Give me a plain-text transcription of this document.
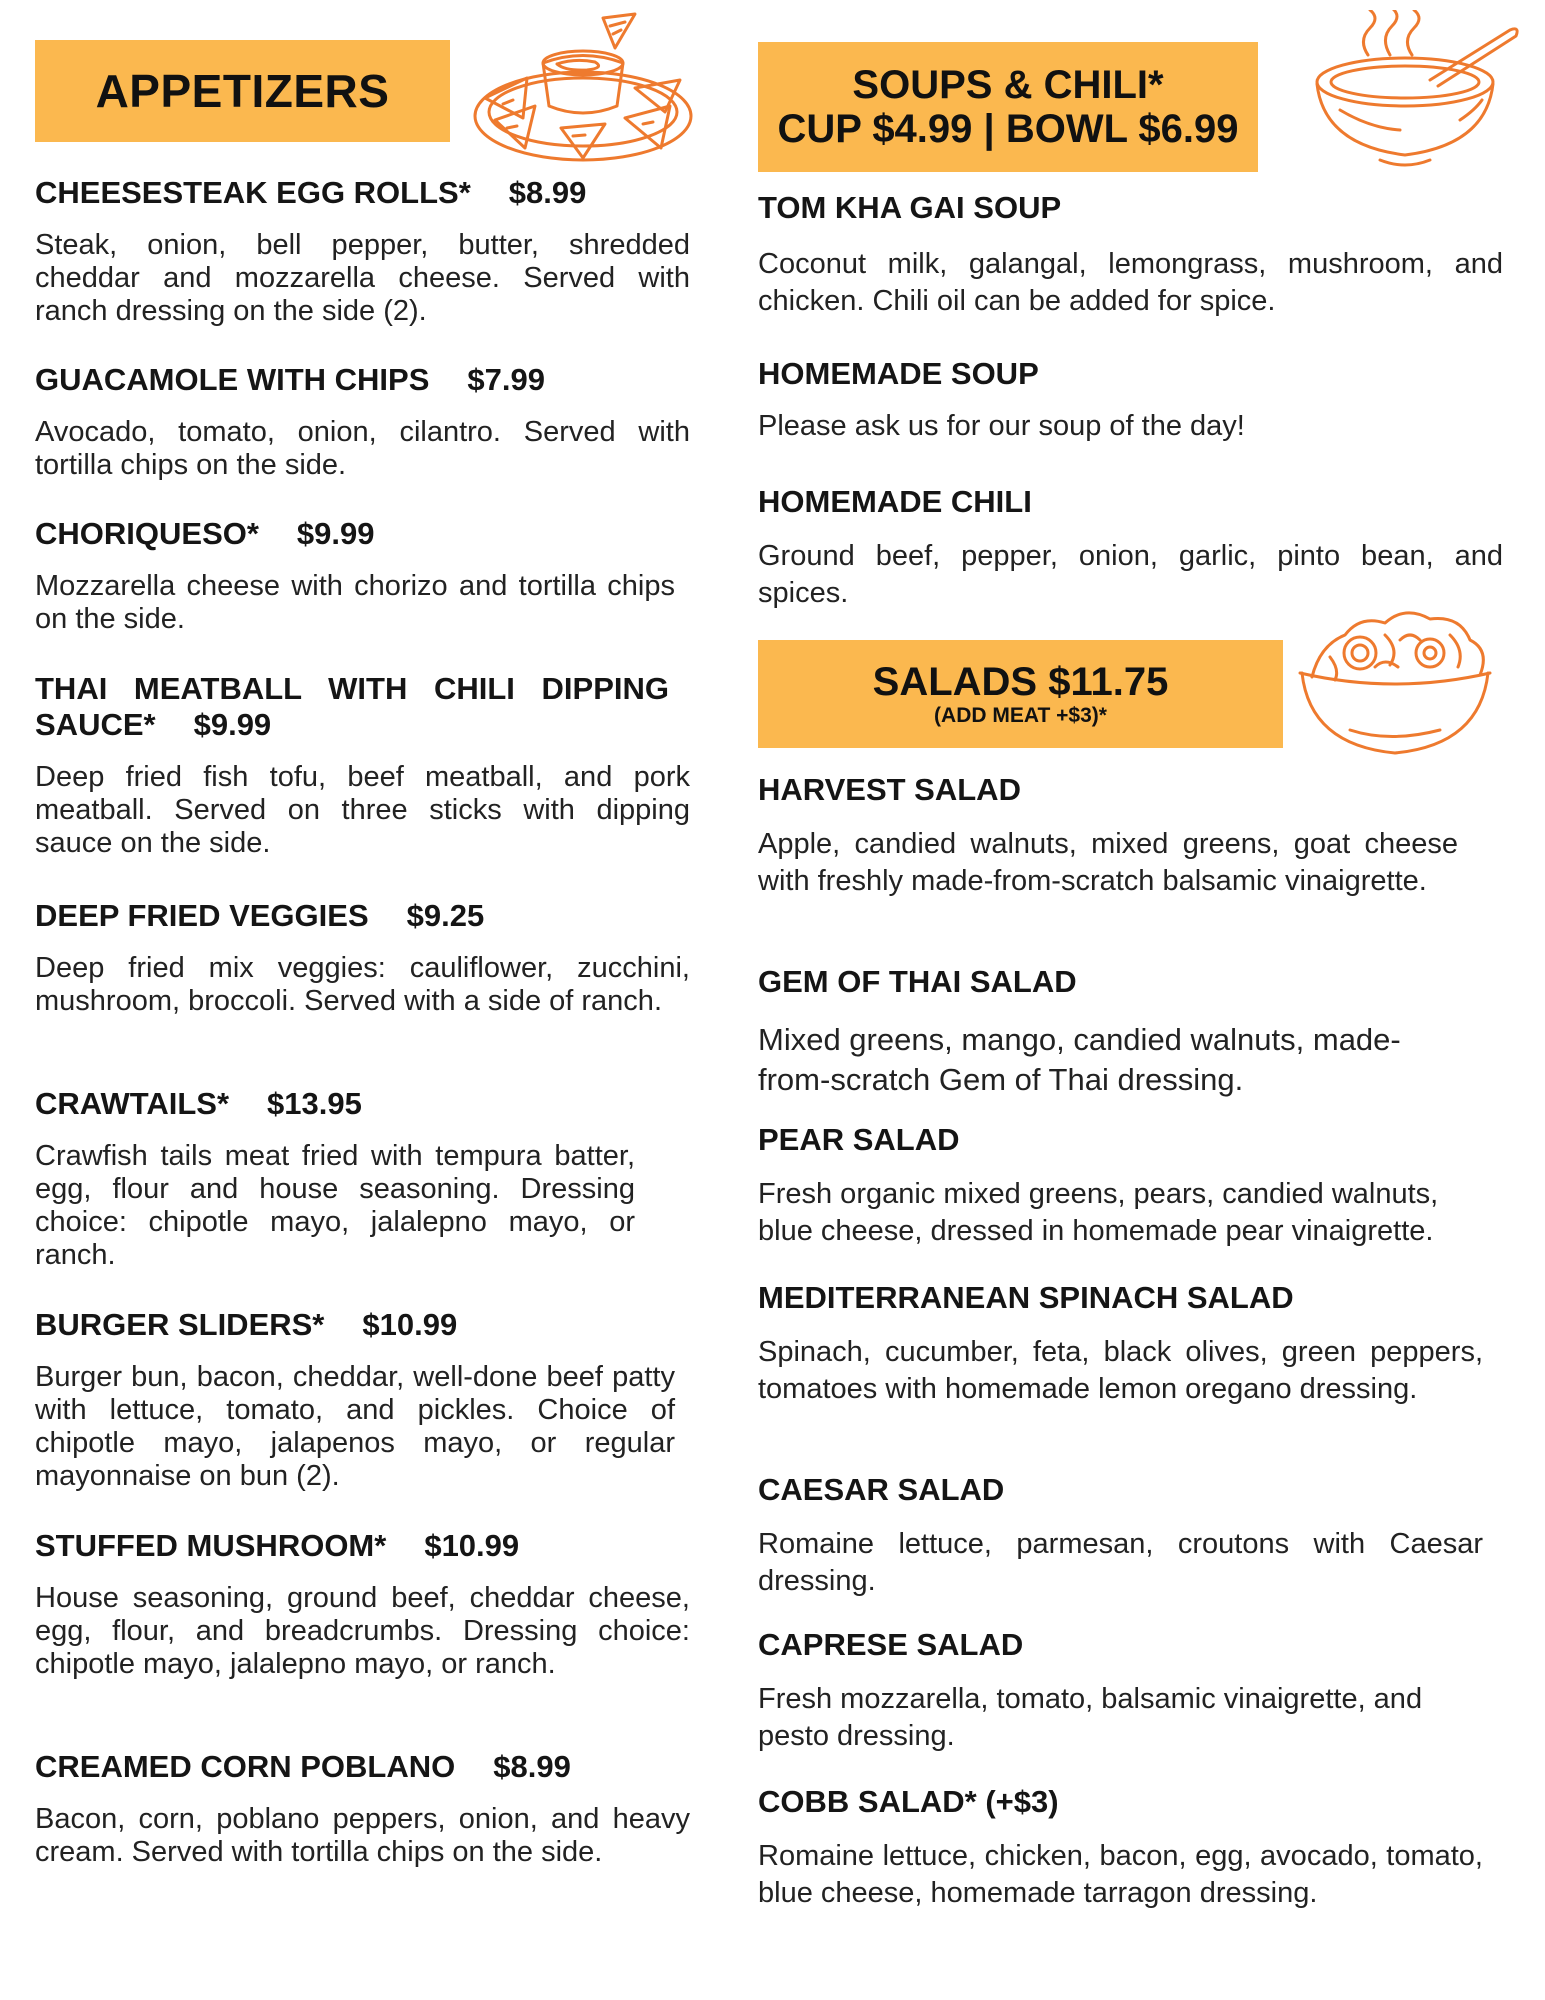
APPETIZERS	SOUPS & CHILI*
CUP $4.99 | BOWL $6.99
SALADS $11.75
(ADD MEAT +$3)*
CHEESESTEAK EGG ROLLS* $8.99
Steak, onion, bell pepper, butter, shredded cheddar and mozzarella cheese. Served with ranch dressing on the side (2).
GUACAMOLE WITH CHIPS $7.99
Avocado, tomato, onion, cilantro. Served with tortilla chips on the side.
CHORIQUESO* $9.99
Mozzarella cheese with chorizo and tortilla chips on the side.
THAI MEATBALL WITH CHILI DIPPING
SAUCE* $9.99
Deep fried fish tofu, beef meatball, and pork meatball. Served on three sticks with dipping sauce on the side.
DEEP FRIED VEGGIES $9.25
Deep fried mix veggies: cauliflower, zucchini, mushroom, broccoli. Served with a side of ranch.
CRAWTAILS* $13.95
Crawfish tails meat fried with tempura batter, egg, flour and house seasoning. Dressing choice: chipotle mayo, jalalepno mayo, or ranch.
BURGER SLIDERS* $10.99
Burger bun, bacon, cheddar, well-done beef patty with lettuce, tomato, and pickles. Choice of chipotle mayo, jalapenos mayo, or regular mayonnaise on bun (2).
STUFFED MUSHROOM* $10.99
House seasoning, ground beef, cheddar cheese, egg, flour, and breadcrumbs. Dressing choice: chipotle mayo, jalalepno mayo, or ranch.
CREAMED CORN POBLANO $8.99
Bacon, corn, poblano peppers, onion, and heavy cream. Served with tortilla chips on the side.
TOM KHA GAI SOUP
Coconut milk, galangal, lemongrass, mushroom, and chicken. Chili oil can be added for spice.
HOMEMADE SOUP
Please ask us for our soup of the day!
HOMEMADE CHILI
Ground beef, pepper, onion, garlic, pinto bean, and spices.
HARVEST SALAD
Apple, candied walnuts, mixed greens, goat cheese with freshly made-from-scratch balsamic vinaigrette.
GEM OF THAI SALAD
Mixed greens, mango, candied walnuts, made-from-scratch Gem of Thai dressing.
PEAR SALAD
Fresh organic mixed greens, pears, candied walnuts, blue cheese, dressed in homemade pear vinaigrette.
MEDITERRANEAN SPINACH SALAD
Spinach, cucumber, feta, black olives, green peppers, tomatoes with homemade lemon oregano dressing.
CAESAR SALAD
Romaine lettuce, parmesan, croutons with Caesar dressing.
CAPRESE SALAD
Fresh mozzarella, tomato, balsamic vinaigrette, and pesto dressing.
COBB SALAD* (+$3)
Romaine lettuce, chicken, bacon, egg, avocado, tomato, blue cheese, homemade tarragon dressing.
